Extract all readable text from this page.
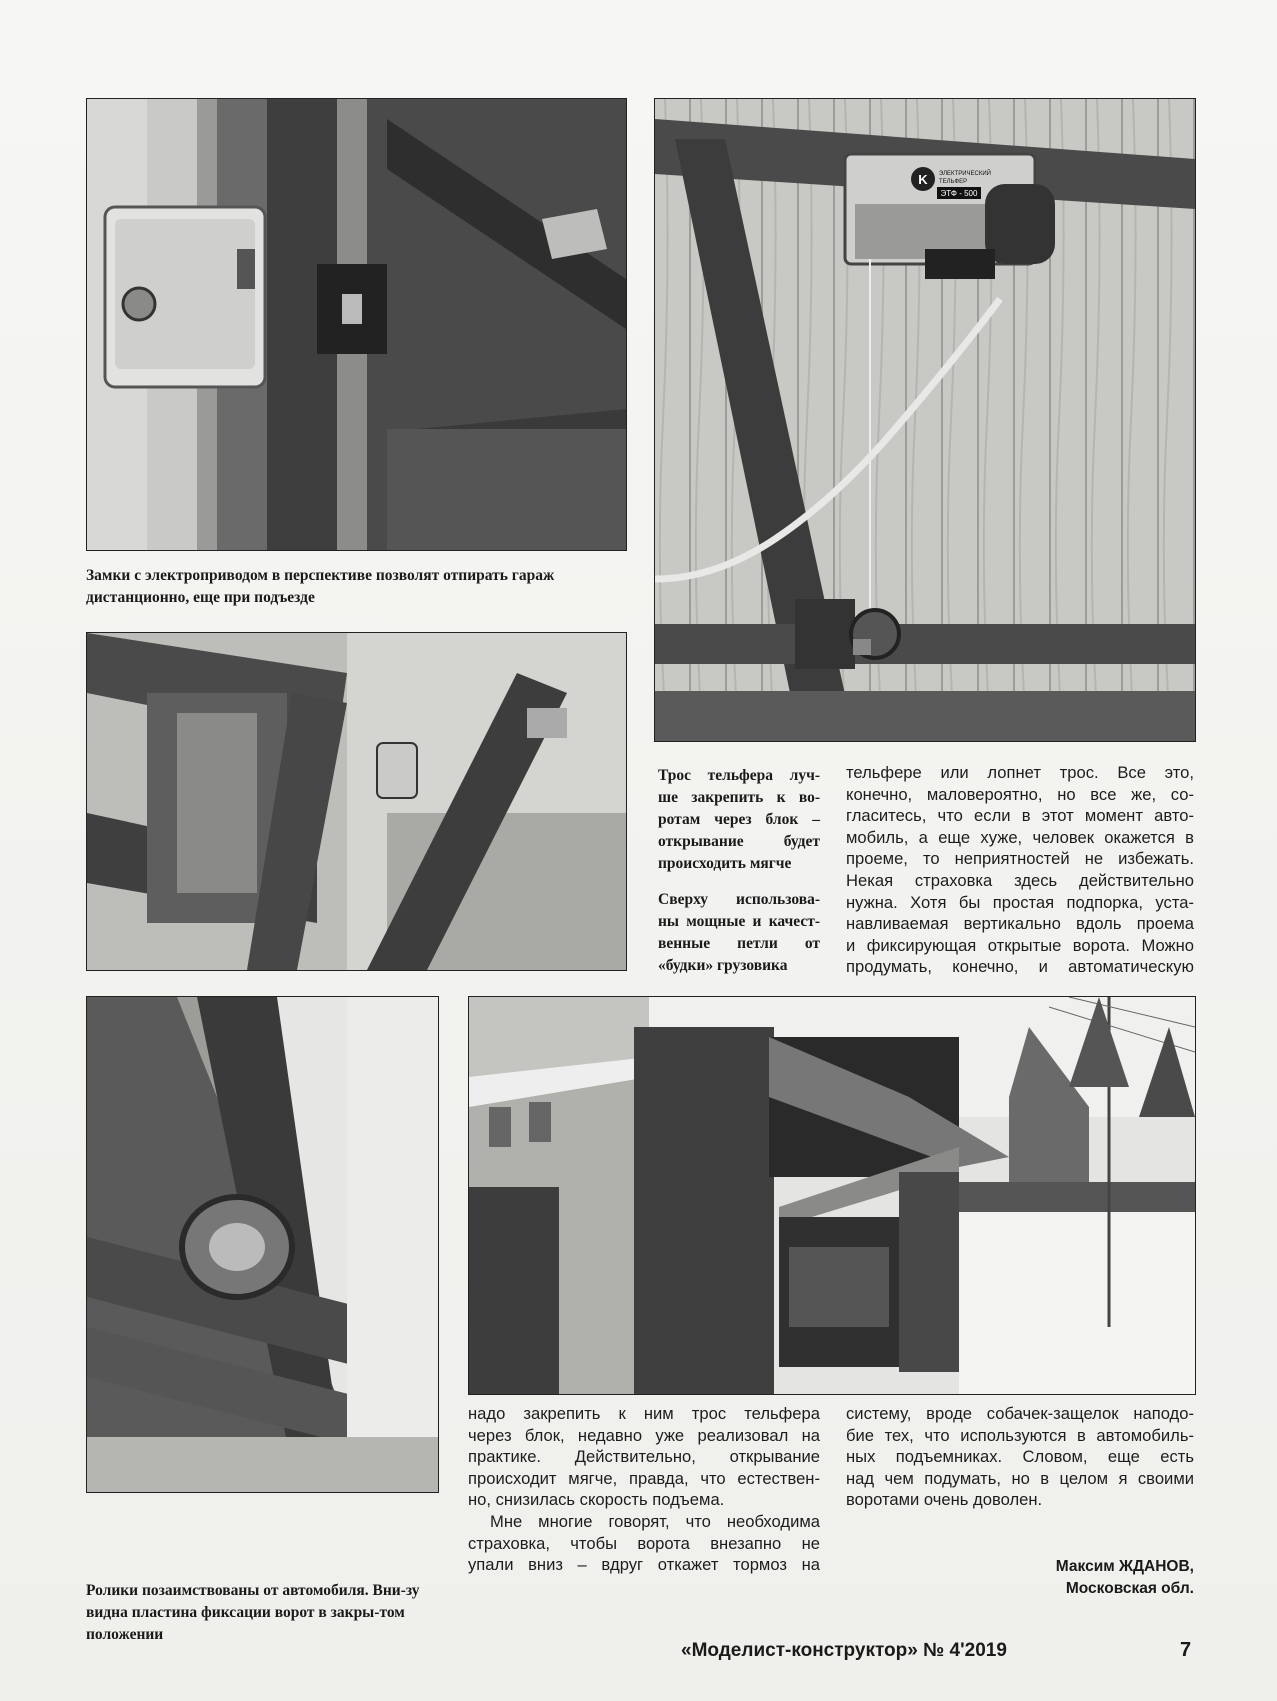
Замки с электроприводом в перспективе позволят отпирать гараж дистанционно, еще при подъезде
K ЭЛЕКТРИЧЕСКИЙ
ТЕЛЬФЕР
ЭТФ - 500
Трос тельфера луч-
ше закрепить к во-
ротам через блок –
открывание будет
происходить мягче
Сверху использова-
ны мощные и качест-
венные петли от
«будки» грузовика
тельфере или лопнет трос. Все это,
конечно, маловероятно, но все же, со-
гласитесь, что если в этот момент авто-
мобиль, а еще хуже, человек окажется в
проеме, то неприятностей не избежать.
Некая страховка здесь действительно
нужна. Хотя бы простая подпорка, уста-
навливаемая вертикально вдоль проема
и фиксирующая открытые ворота. Можно
продумать, конечно, и автоматическую
Ролики позаимствованы от автомобиля. Вни-зу видна пластина фиксации ворот в закры-том положении
надо закрепить к ним трос тельфера
через блок, недавно уже реализовал на
практике. Действительно, открывание
происходит мягче, правда, что естествен-
но, снизилась скорость подъема.
Мне многие говорят, что необходима
страховка, чтобы ворота внезапно не
упали вниз – вдруг откажет тормоз на
систему, вроде собачек-защелок наподо-
бие тех, что используются в автомобиль-
ных подъемниках. Словом, еще есть
над чем подумать, но в целом я своими
воротами очень доволен.
Максим ЖДАНОВ,
Московская обл.
«Моделист-конструктор» № 4'2019	7
